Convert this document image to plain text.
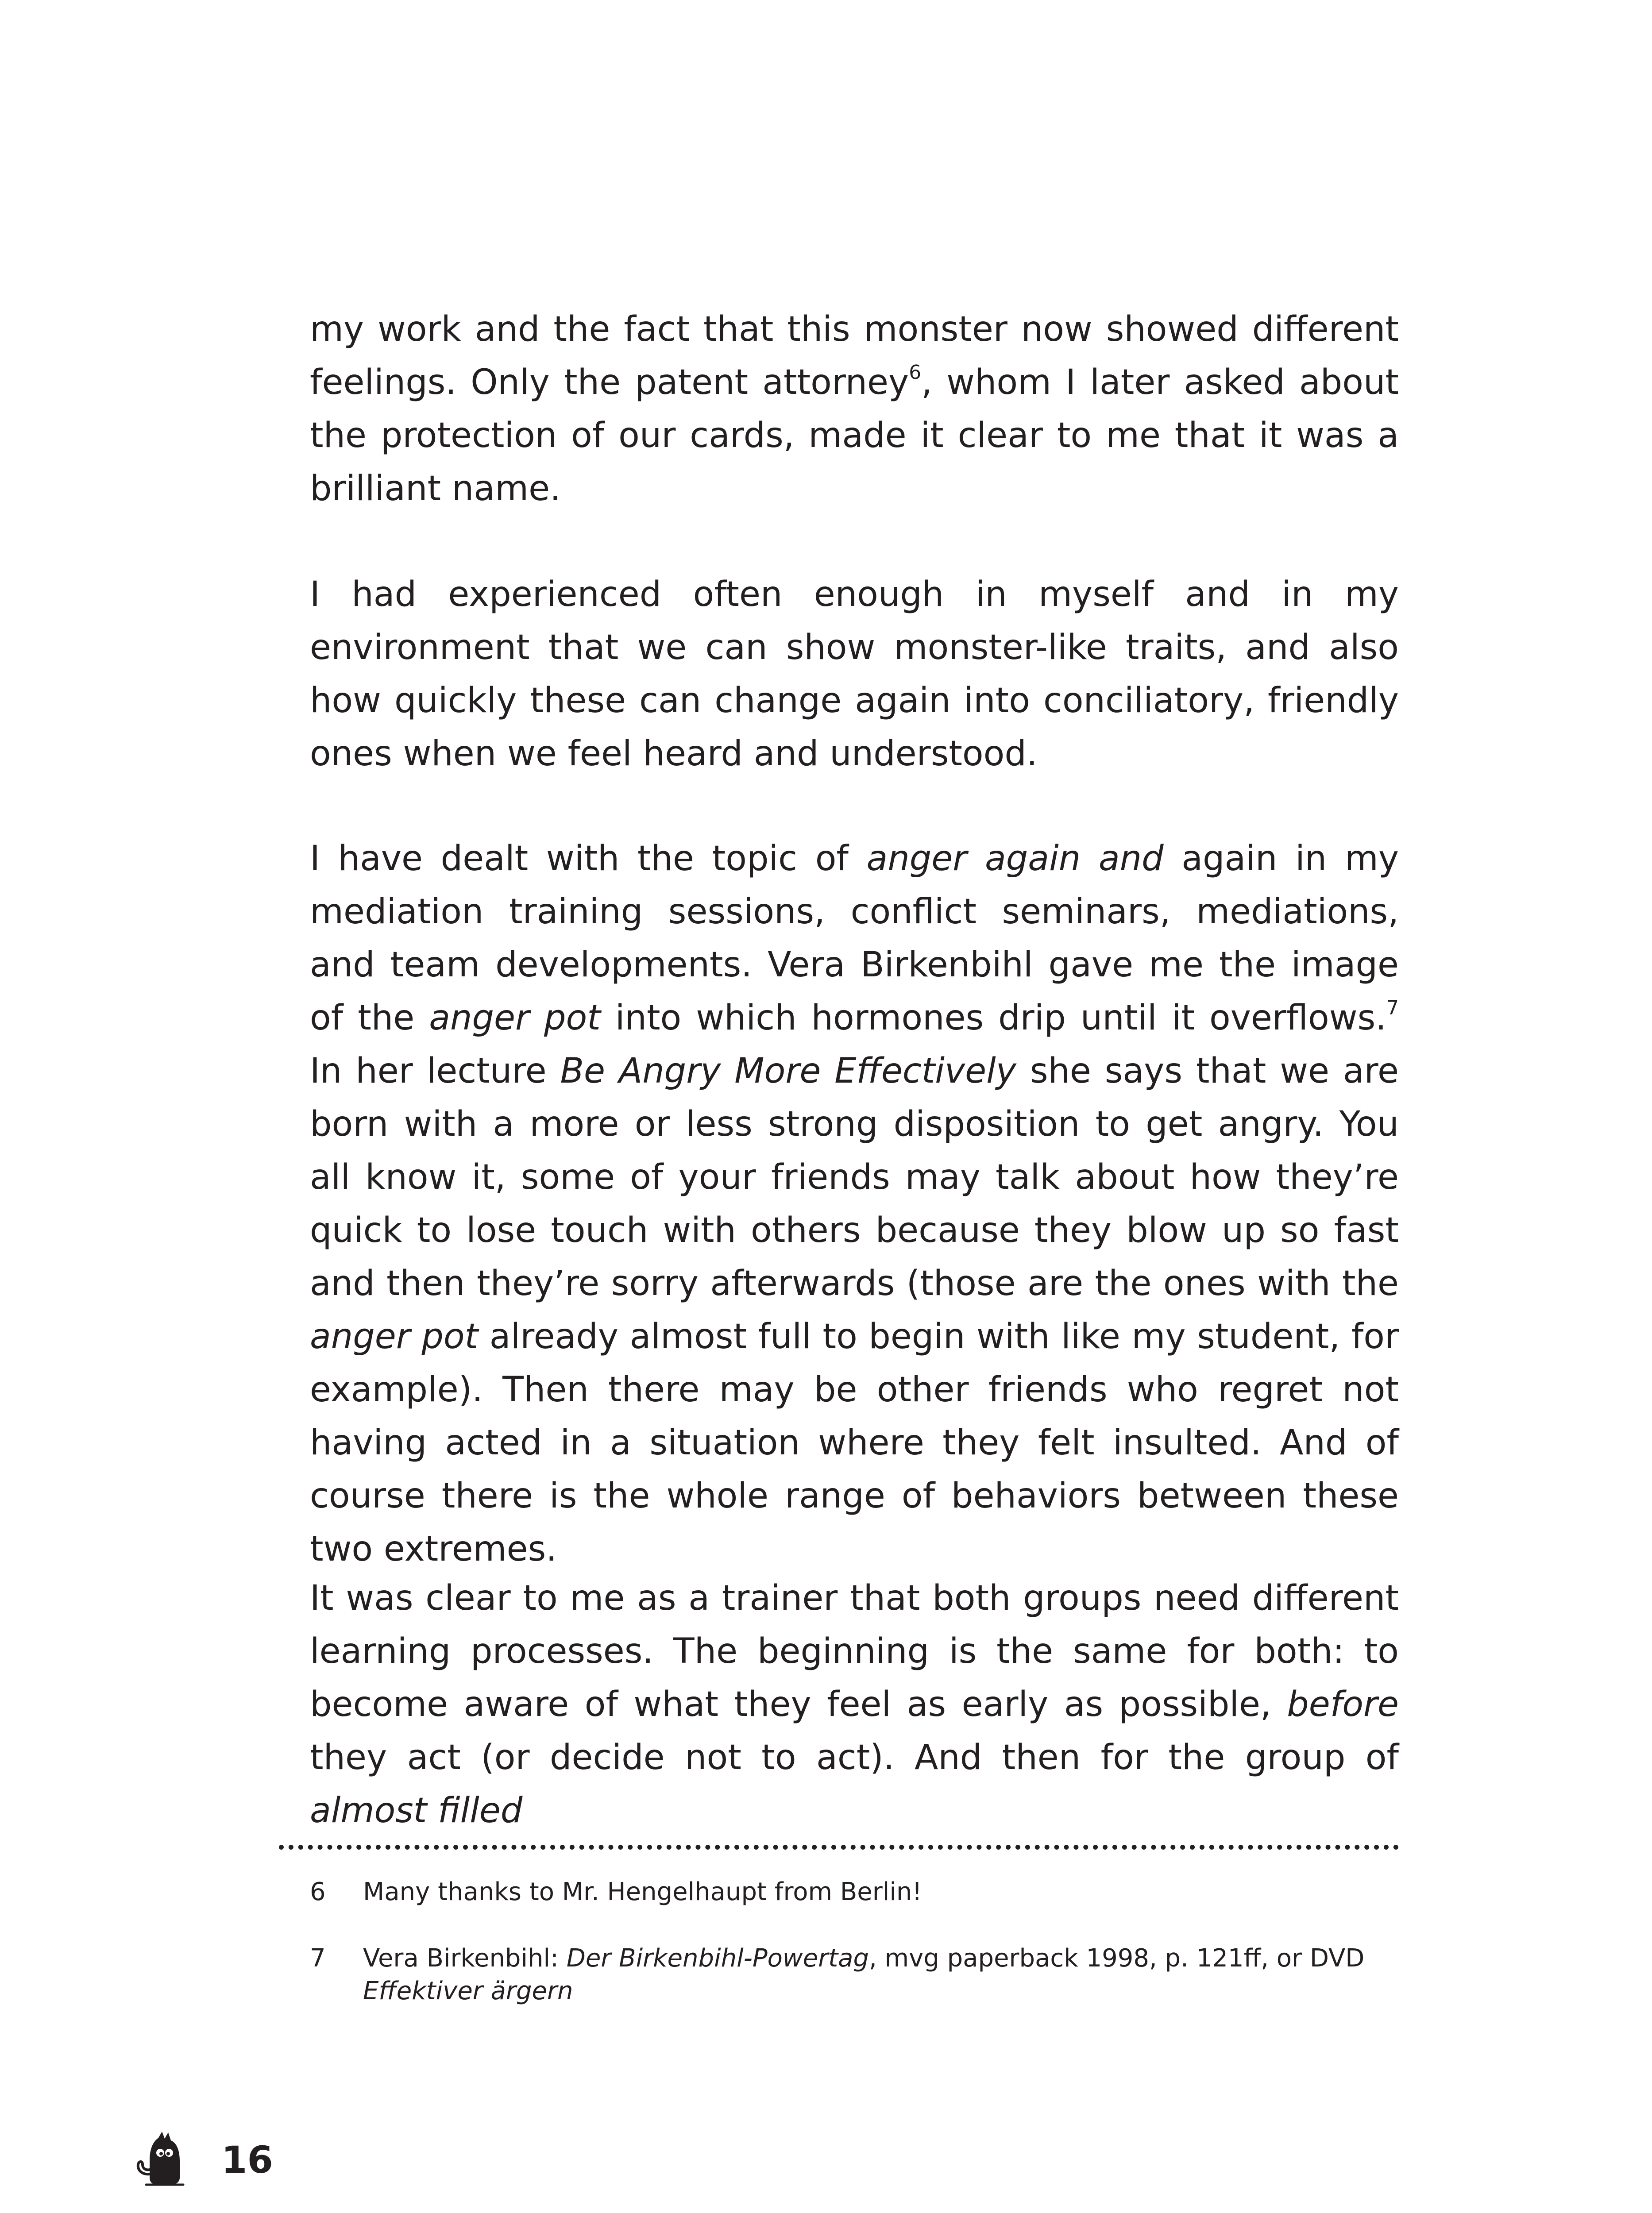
my work and the fact that this monster now showed different feelings. Only the patent attorney$^6$, whom I later asked about the protection of our cards, made it clear to me that it was a brilliant name.

I had experienced often enough in myself and in my environment that we can show monster-like traits, and also how quickly these can change again into conciliatory, friendly ones when we feel heard and understood.

I have dealt with the topic of anger again and again in my mediation training sessions, conflict seminars, mediations, and team developments. Vera Birkenbihl gave me the image of the anger pot into which hormones drip until it overflows.$^7$ In her lecture Be Angry More Effectively she says that we are born with a more or less strong disposition to get angry. You all know it, some of your friends may talk about how they’re quick to lose touch with others because they blow up so fast and then they’re sorry afterwards (those are the ones with the anger pot already almost full to begin with like my student, for example). Then there may be other friends who regret not having acted in a situation where they felt insulted. And of course there is the whole range of behaviors between these two extremes.

It was clear to me as a trainer that both groups need different learning processes. The beginning is the same for both: to become aware of what they feel as early as possible, before they act (or decide not to act). And then for the group of almost filled

6 Many thanks to Mr. Hengelhaupt from Berlin!

7 Vera Birkenbihl: Der Birkenbihl-Powertag, mvg paperback 1998, p. 121ff, or DVD Effektiver ärgern

16
